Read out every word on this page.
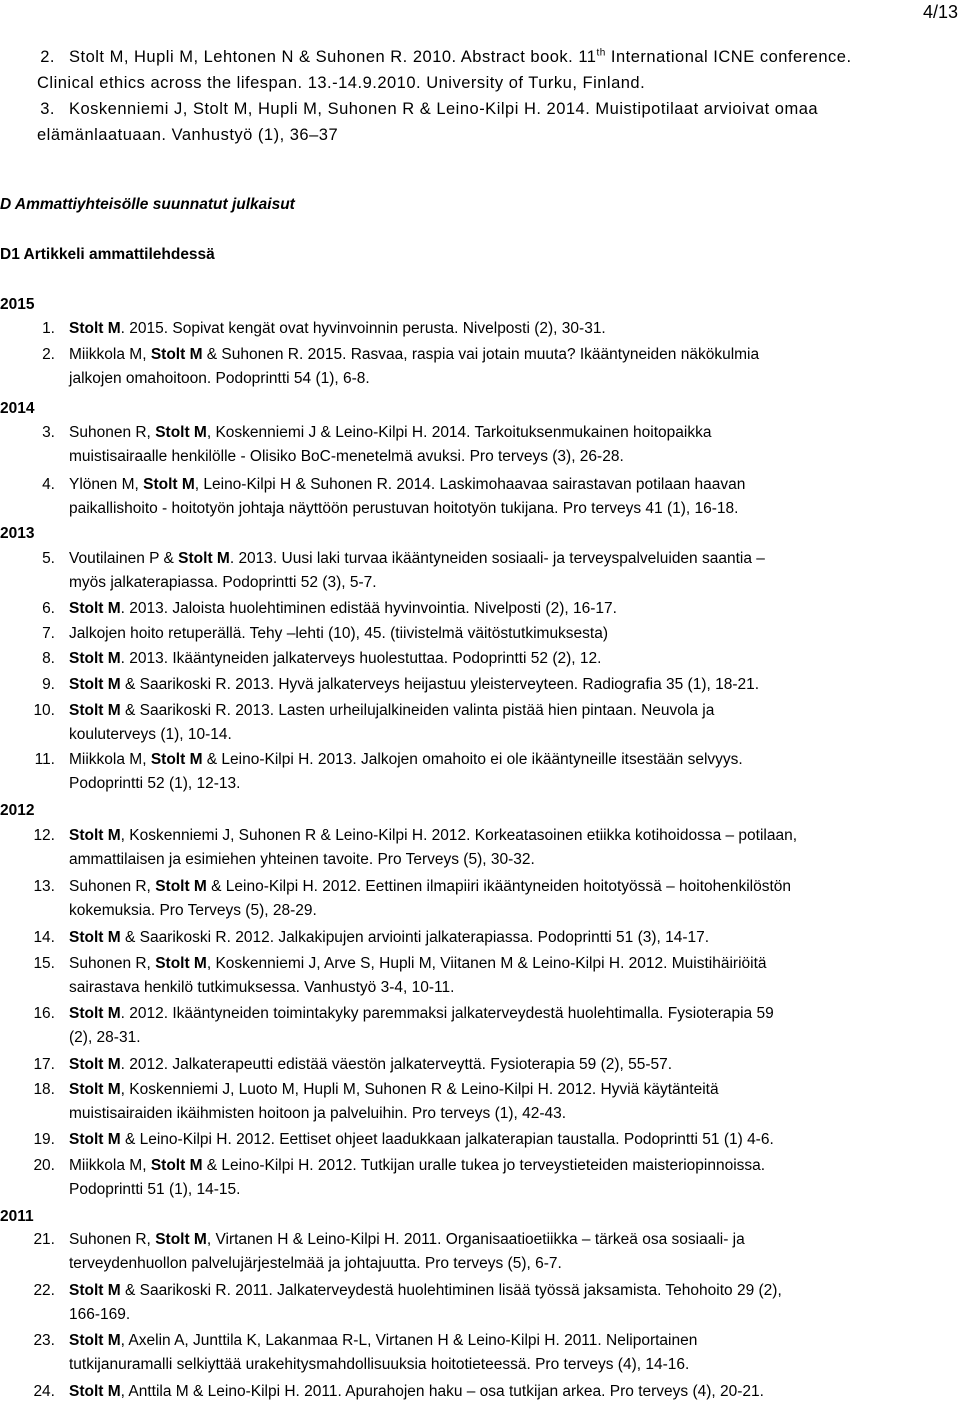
4/13
2. Stolt M, Hupli M, Lehtonen N & Suhonen R. 2010. Abstract book. 11th International ICNE conference.
Clinical ethics across the lifespan. 13.-14.9.2010. University of Turku, Finland.
3. Koskenniemi J, Stolt M, Hupli M, Suhonen R & Leino-Kilpi H. 2014. Muistipotilaat arvioivat omaa
elämänlaatuaan. Vanhustyö (1), 36–37
D Ammattiyhteisölle suunnatut julkaisut
D1 Artikkeli ammattilehdessä
2015
2014
2013
2012
2011
1. Stolt M. 2015. Sopivat kengät ovat hyvinvoinnin perusta. Nivelposti (2), 30-31.
2. Miikkola M, Stolt M & Suhonen R. 2015. Rasvaa, raspia vai jotain muuta? Ikääntyneiden näkökulmia
jalkojen omahoitoon. Podoprintti 54 (1), 6-8.
3. Suhonen R, Stolt M, Koskenniemi J & Leino-Kilpi H. 2014. Tarkoituksenmukainen hoitopaikka
muistisairaalle henkilölle - Olisiko BoC-menetelmä avuksi. Pro terveys (3), 26-28.
4. Ylönen M, Stolt M, Leino-Kilpi H & Suhonen R. 2014. Laskimohaavaa sairastavan potilaan haavan
paikallishoito - hoitotyön johtaja näyttöön perustuvan hoitotyön tukijana. Pro terveys 41 (1), 16-18.
5. Voutilainen P & Stolt M. 2013. Uusi laki turvaa ikääntyneiden sosiaali- ja terveyspalveluiden saantia –
myös jalkaterapiassa. Podoprintti 52 (3), 5-7.
6. Stolt M. 2013. Jaloista huolehtiminen edistää hyvinvointia. Nivelposti (2), 16-17.
7. Jalkojen hoito retuperällä. Tehy –lehti (10), 45. (tiivistelmä väitöstutkimuksesta)
8. Stolt M. 2013. Ikääntyneiden jalkaterveys huolestuttaa. Podoprintti 52 (2), 12.
9. Stolt M & Saarikoski R. 2013. Hyvä jalkaterveys heijastuu yleisterveyteen. Radiografia 35 (1), 18-21.
10. Stolt M & Saarikoski R. 2013. Lasten urheilujalkineiden valinta pistää hien pintaan. Neuvola ja
kouluterveys (1), 10-14.
11. Miikkola M, Stolt M & Leino-Kilpi H. 2013. Jalkojen omahoito ei ole ikääntyneille itsestään selvyys.
Podoprintti 52 (1), 12-13.
12. Stolt M, Koskenniemi J, Suhonen R & Leino-Kilpi H. 2012. Korkeatasoinen etiikka kotihoidossa – potilaan,
ammattilaisen ja esimiehen yhteinen tavoite. Pro Terveys (5), 30-32.
13. Suhonen R, Stolt M & Leino-Kilpi H. 2012. Eettinen ilmapiiri ikääntyneiden hoitotyössä – hoitohenkilöstön
kokemuksia. Pro Terveys (5), 28-29.
14. Stolt M & Saarikoski R. 2012. Jalkakipujen arviointi jalkaterapiassa. Podoprintti 51 (3), 14-17.
15. Suhonen R, Stolt M, Koskenniemi J, Arve S, Hupli M, Viitanen M & Leino-Kilpi H. 2012. Muistihäiriöitä
sairastava henkilö tutkimuksessa. Vanhustyö 3-4, 10-11.
16. Stolt M. 2012. Ikääntyneiden toimintakyky paremmaksi jalkaterveydestä huolehtimalla. Fysioterapia 59
(2), 28-31.
17. Stolt M. 2012. Jalkaterapeutti edistää väestön jalkaterveyttä. Fysioterapia 59 (2), 55-57.
18. Stolt M, Koskenniemi J, Luoto M, Hupli M, Suhonen R & Leino-Kilpi H. 2012. Hyviä käytänteitä
muistisairaiden ikäihmisten hoitoon ja palveluihin. Pro terveys (1), 42-43.
19. Stolt M & Leino-Kilpi H. 2012. Eettiset ohjeet laadukkaan jalkaterapian taustalla. Podoprintti 51 (1) 4-6.
20. Miikkola M, Stolt M & Leino-Kilpi H. 2012. Tutkijan uralle tukea jo terveystieteiden maisteriopinnoissa.
Podoprintti 51 (1), 14-15.
21. Suhonen R, Stolt M, Virtanen H & Leino-Kilpi H. 2011. Organisaatioetiikka – tärkeä osa sosiaali- ja
terveydenhuollon palvelujärjestelmää ja johtajuutta. Pro terveys (5), 6-7.
22. Stolt M & Saarikoski R. 2011. Jalkaterveydestä huolehtiminen lisää työssä jaksamista. Tehohoito 29 (2),
166-169.
23. Stolt M, Axelin A, Junttila K, Lakanmaa R-L, Virtanen H & Leino-Kilpi H. 2011. Neliportainen
tutkijanuramalli selkiyttää urakehitysmahdollisuuksia hoitotieteessä. Pro terveys (4), 14-16.
24. Stolt M, Anttila M & Leino-Kilpi H. 2011. Apurahojen haku – osa tutkijan arkea. Pro terveys (4), 20-21.
